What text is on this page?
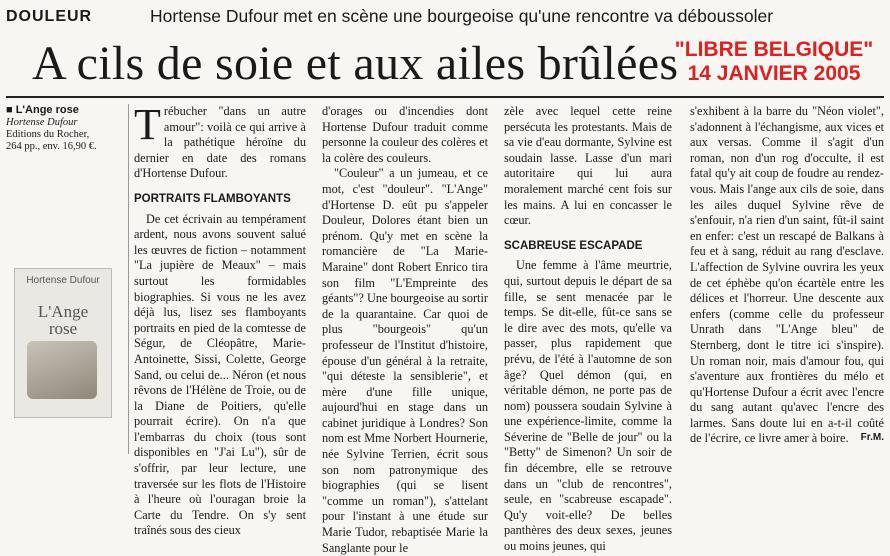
DOULEUR	Hortense Dufour met en scène une bourgeoise qu'une rencontre va déboussoler
A cils de soie et aux ailes brûlées
"LIBRE BELGIQUE"
14 JANVIER 2005
■ L'Ange rose
Hortense Dufour
Editions du Rocher,
264 pp., env. 16,90 €.
Hortense Dufour
L'Ange
rose
T rébucher "dans un autre amour": voilà ce qui arrive à la pathétique héroïne du dernier en date des romans d'Hortense Dufour.

PORTRAITS FLAMBOYANTS

De cet écrivain au tempérament ardent, nous avons souvent salué les œuvres de fiction – notamment "La jupière de Meaux" – mais surtout les formidables biographies. Si vous ne les avez déjà lus, lisez ses flamboyants portraits en pied de la comtesse de Ségur, de Cléopâtre, Marie-Antoinette, Sissi, Colette, George Sand, ou celui de... Néron (et nous rêvons de l'Hélène de Troie, ou de la Diane de Poitiers, qu'elle pourrait écrire). On n'a que l'embarras du choix (tous sont disponibles en "J'ai Lu"), sûr de s'offrir, par leur lecture, une traversée sur les flots de l'Histoire à l'heure où l'ouragan broie la Carte du Tendre. On s'y sent traînés sous des cieux

d'orages ou d'incendies dont Hortense Dufour traduit comme personne la couleur des colères et la colère des couleurs.

"Couleur" a un jumeau, et ce mot, c'est "douleur". "L'Ange" d'Hortense D. eût pu s'appeler Douleur, Dolores étant bien un prénom. Qu'y met en scène la romancière de "La Marie-Maraine" dont Robert Enrico tira son film "L'Empreinte des géants"? Une bourgeoise au sortir de la quarantaine. Car quoi de plus "bourgeois" qu'un professeur de l'Institut d'histoire, épouse d'un général à la retraite, "qui déteste la sensiblerie", et mère d'une fille unique, aujourd'hui en stage dans un cabinet juridique à Londres? Son nom est Mme Norbert Hournerie, née Sylvine Terrien, écrit sous son nom patronymique des biographies (qui se lisent "comme un roman"), s'attelant pour l'instant à une étude sur Marie Tudor, rebaptisée Marie la Sanglante pour le

zèle avec lequel cette reine persécuta les protestants. Mais de sa vie d'eau dormante, Sylvine est soudain lasse. Lasse d'un mari autoritaire qui lui aura moralement marché cent fois sur les mains. A lui en concasser le cœur.

SCABREUSE ESCAPADE

Une femme à l'âme meurtrie, qui, surtout depuis le départ de sa fille, se sent menacée par le temps. Se dit-elle, fût-ce sans se le dire avec des mots, qu'elle va passer, plus rapidement que prévu, de l'été à l'automne de son âge? Quel démon (qui, en véritable démon, ne porte pas de nom) poussera soudain Sylvine à une expérience-limite, comme la Séverine de "Belle de jour" ou la "Betty" de Simenon? Un soir de fin décembre, elle se retrouve dans un "club de rencontres", seule, en "scabreuse escapade". Qu'y voit-elle? De belles panthères des deux sexes, jeunes ou moins jeunes, qui

s'exhibent à la barre du "Néon violet", s'adonnent à l'échangisme, aux vices et aux versas. Comme il s'agit d'un roman, non d'un rog d'occulte, il est fatal qu'y ait coup de foudre au rendez-vous. Mais l'ange aux cils de soie, dans les ailes duquel Sylvine rêve de s'enfouir, n'a rien d'un saint, fût-il saint en enfer: c'est un rescapé de Balkans à feu et à sang, réduit au rang d'esclave. L'affection de Sylvine ouvrira les yeux de cet éphèbe qu'on écartèle entre les délices et l'horreur. Une descente aux enfers (comme celle du professeur Unrath dans "L'Ange bleu" de Sternberg, dont le titre ici s'inspire). Un roman noir, mais d'amour fou, qui s'aventure aux frontières du mélo et qu'Hortense Dufour a écrit avec l'encre du sang autant qu'avec l'encre des larmes. Sans doute lui en a-t-il coûté de l'écrire, ce livre amer à boire.	Fr.M.
